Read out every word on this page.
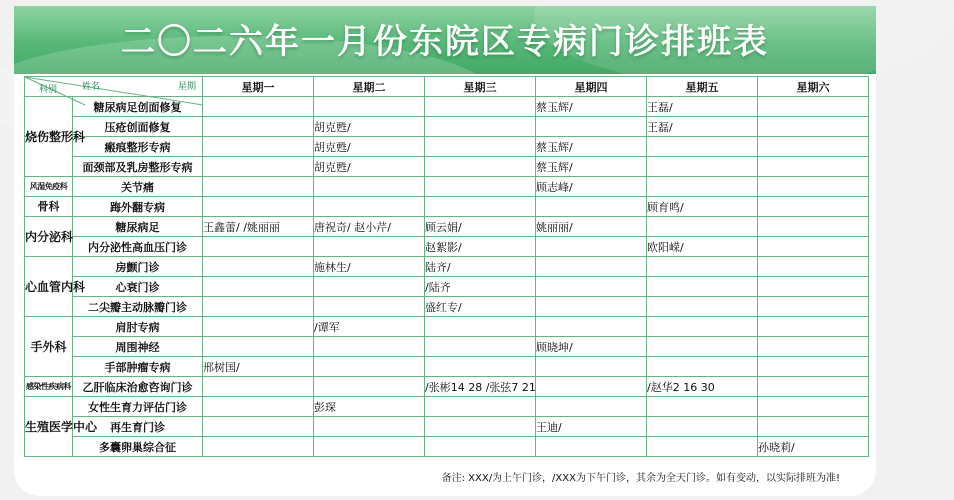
二〇二六年一月份东院区专病门诊排班表
姓名 星期
科别		星期一	星期二	星期三	星期四	星期五	星期六
烧伤整形科	糖尿病足创面修复				蔡玉辉/	王磊/	
	压疮创面修复		胡克甦/			王磊/	
	瘢痕整形专病		胡克甦/		蔡玉辉/		
	面颈部及乳房整形专病		胡克甦/		蔡玉辉/		
风湿免疫科	关节痛				顾志峰/		
骨科	踇外翻专病					顾育鸣/	
内分泌科	糖尿病足	王鑫蕾/ /姚丽丽	唐祝奇/ 赵小芹/	顾云娟/	姚丽丽/		
	内分泌性高血压门诊			赵絮影/		欧阳嵘/	
心血管内科	房颤门诊		施林生/	陆齐/			
	心衰门诊			/陆齐			
	二尖瓣主动脉瓣门诊			盛红专/			
手外科	肩肘专病		/谭军				
	周围神经				顾晓坤/		
	手部肿瘤专病	邢树国/					
感染性疾病科	乙肝临床治愈咨询门诊			/张彬14 28 /张弦7 21		/赵华2 16 30	
生殖医学中心	女性生育力评估门诊		彭琛				
	再生育门诊				王迪/		
	多囊卵巢综合征						孙晓莉/
备注: XXX/为上午门诊，/XXX为下午门诊，其余为全天门诊。如有变动，以实际排班为准!
